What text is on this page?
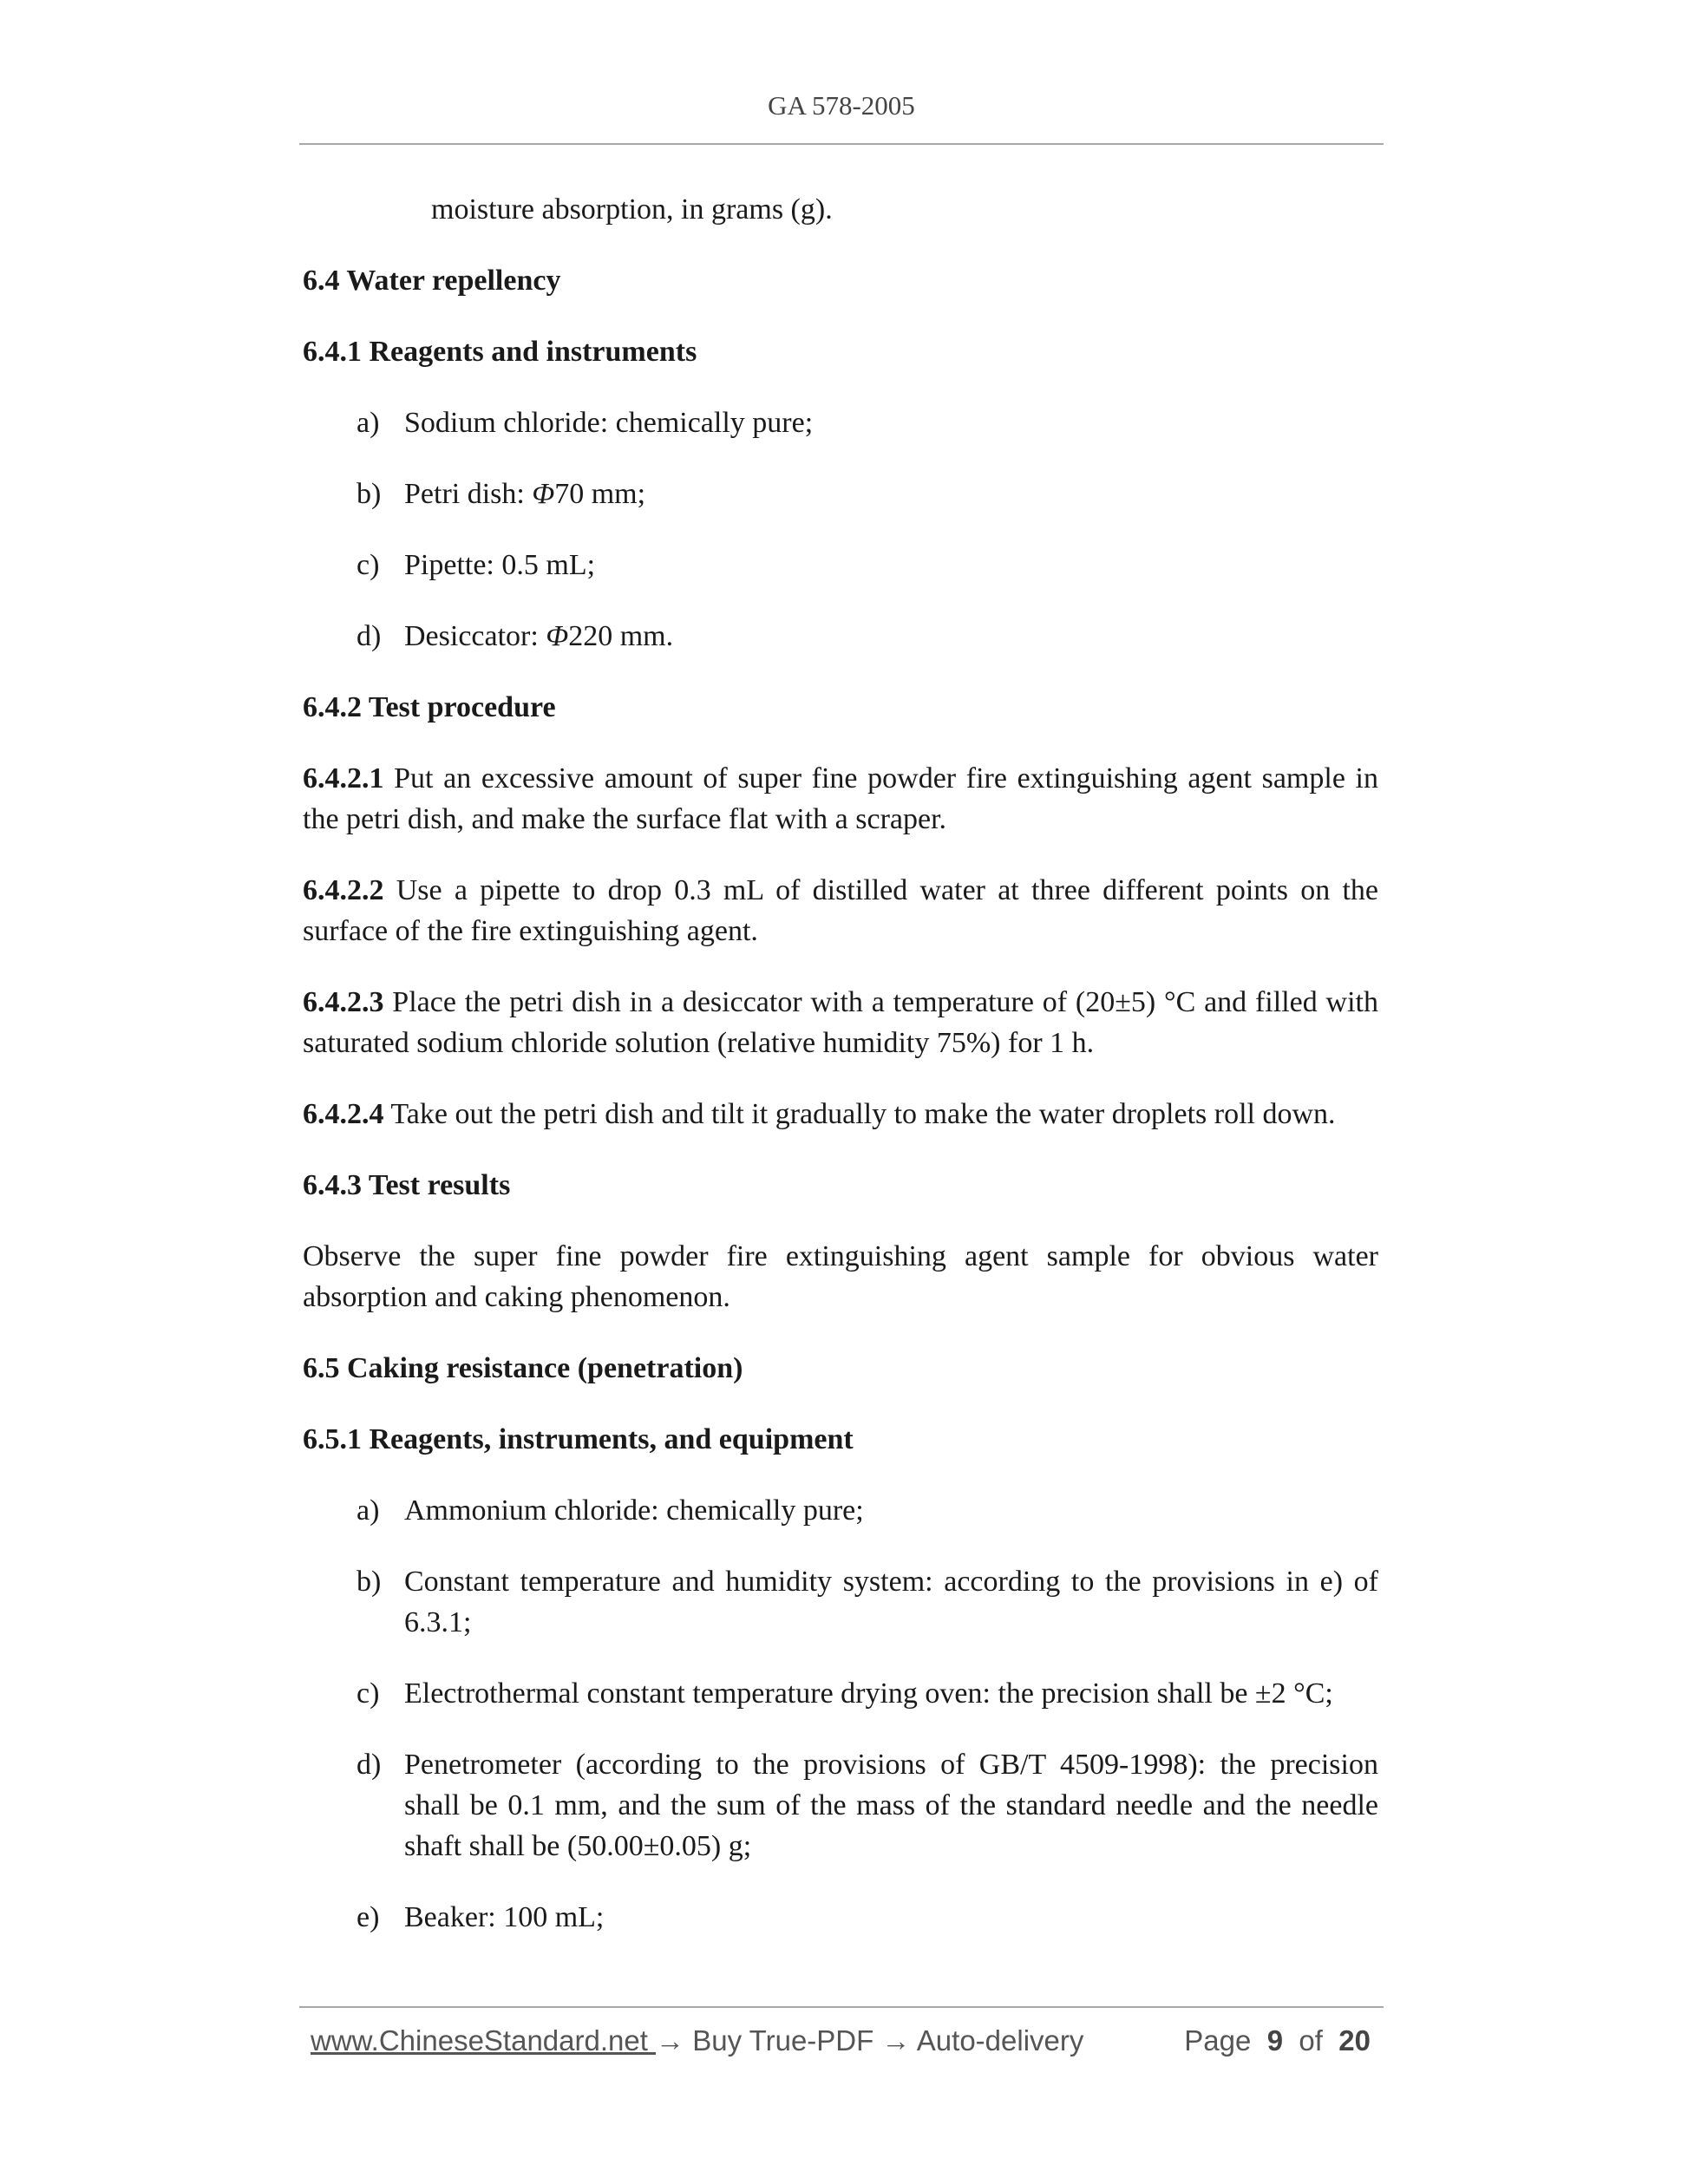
GA 578-2005
moisture absorption, in grams (g).
6.4 Water repellency
6.4.1 Reagents and instruments
a) Sodium chloride: chemically pure;
b) Petri dish: Φ70 mm;
c) Pipette: 0.5 mL;
d) Desiccator: Φ220 mm.
6.4.2 Test procedure
6.4.2.1 Put an excessive amount of super fine powder fire extinguishing agent sample in the petri dish, and make the surface flat with a scraper.
6.4.2.2 Use a pipette to drop 0.3 mL of distilled water at three different points on the surface of the fire extinguishing agent.
6.4.2.3 Place the petri dish in a desiccator with a temperature of (20±5) °C and filled with saturated sodium chloride solution (relative humidity 75%) for 1 h.
6.4.2.4 Take out the petri dish and tilt it gradually to make the water droplets roll down.
6.4.3 Test results
Observe the super fine powder fire extinguishing agent sample for obvious water absorption and caking phenomenon.
6.5 Caking resistance (penetration)
6.5.1 Reagents, instruments, and equipment
a) Ammonium chloride: chemically pure;
b) Constant temperature and humidity system: according to the provisions in e) of 6.3.1;
c) Electrothermal constant temperature drying oven: the precision shall be ±2 °C;
d) Penetrometer (according to the provisions of GB/T 4509-1998): the precision shall be 0.1 mm, and the sum of the mass of the standard needle and the needle shaft shall be (50.00±0.05) g;
e) Beaker: 100 mL;
www.ChineseStandard.net → Buy True-PDF → Auto-delivery	Page 9 of 20
